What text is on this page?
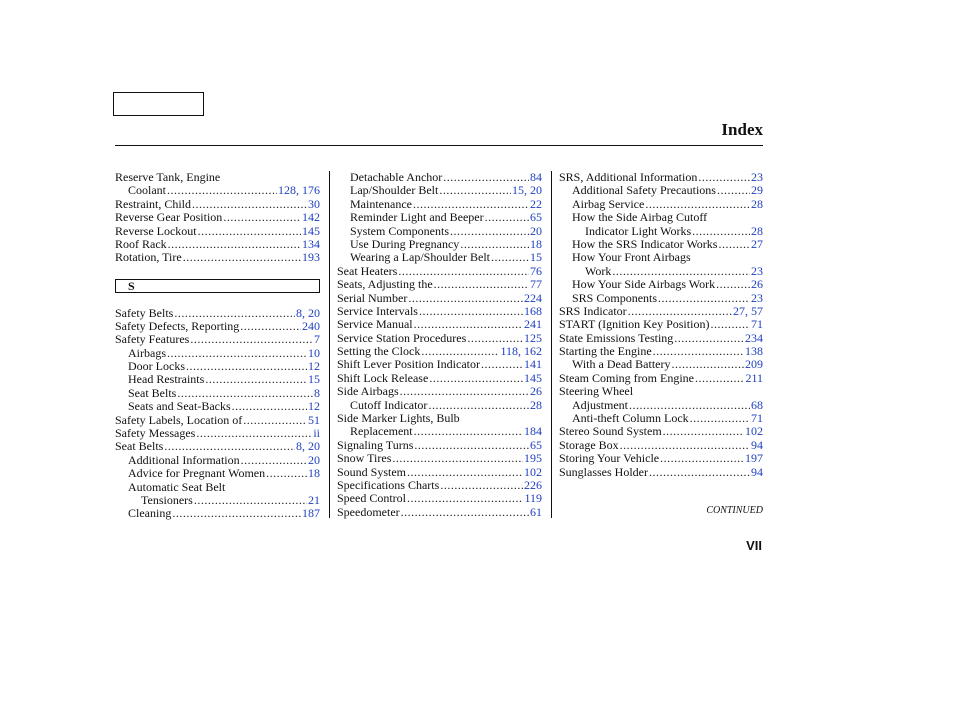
Index
Reserve Tank, Engine
Coolant .....	128, 176
Restraint, Child .....	30
Reverse Gear Position .....	142
Reverse Lockout .....	145
Roof Rack .....	134
Rotation, Tire .....	193
S
Safety Belts .....	8, 20
Safety Defects, Reporting .....	240
Safety Features .....	7
Airbags .....	10
Door Locks .....	12
Head Restraints .....	15
Seat Belts .....	8
Seats and Seat-Backs .....	12
Safety Labels, Location of .....	51
Safety Messages .....	ii
Seat Belts .....	8, 20
Additional Information .....	20
Advice for Pregnant Women .....	18
Automatic Seat Belt
Tensioners .....	21
Cleaning .....	187
Detachable Anchor .....	84
Lap/Shoulder Belt .....	15, 20
Maintenance .....	22
Reminder Light and Beeper .....	65
System Components .....	20
Use During Pregnancy .....	18
Wearing a Lap/Shoulder Belt .....	15
Seat Heaters .....	76
Seats, Adjusting the .....	77
Serial Number .....	224
Service Intervals .....	168
Service Manual .....	241
Service Station Procedures .....	125
Setting the Clock .....	118, 162
Shift Lever Position Indicator .....	141
Shift Lock Release .....	145
Side Airbags .....	26
Cutoff Indicator .....	28
Side Marker Lights, Bulb
Replacement .....	184
Signaling Turns .....	65
Snow Tires .....	195
Sound System .....	102
Specifications Charts .....	226
Speed Control .....	119
Speedometer .....	61
SRS, Additional Information .....	23
Additional Safety Precautions .....	29
Airbag Service .....	28
How the Side Airbag Cutoff
Indicator Light Works .....	28
How the SRS Indicator Works .....	27
How Your Front Airbags
Work .....	23
How Your Side Airbags Work .....	26
SRS Components .....	23
SRS Indicator .....	27, 57
START (Ignition Key Position) .....	71
State Emissions Testing .....	234
Starting the Engine .....	138
With a Dead Battery .....	209
Steam Coming from Engine .....	211
Steering Wheel
Adjustment .....	68
Anti-theft Column Lock .....	71
Stereo Sound System .....	102
Storage Box .....	94
Storing Your Vehicle .....	197
Sunglasses Holder .....	94
CONTINUED
VII
